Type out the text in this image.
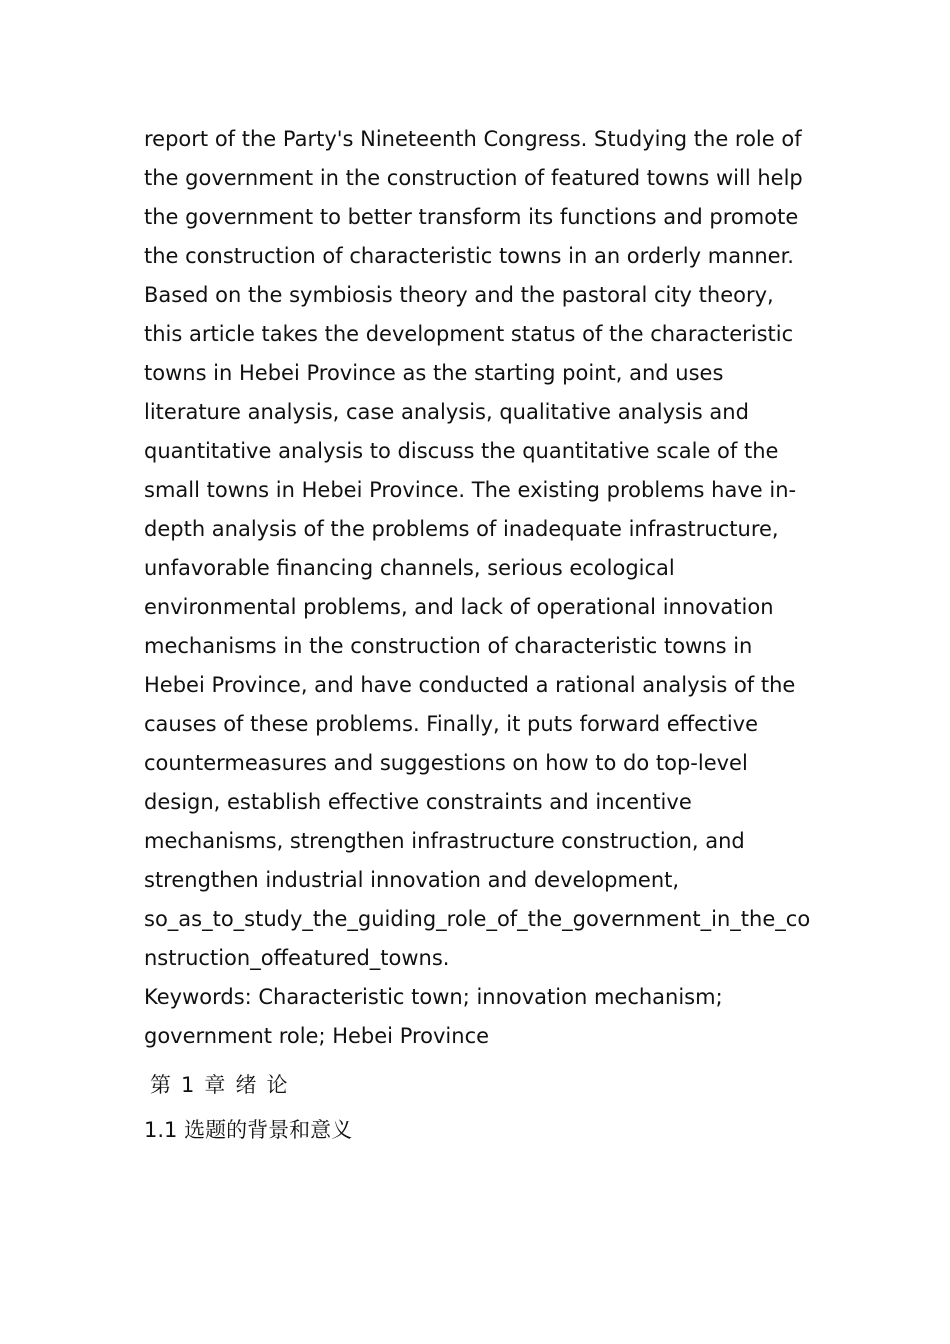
report of the Party's Nineteenth Congress. Studying the role of the government in the construction of featured towns will help the government to better transform its functions and promote the construction of characteristic towns in an orderly manner.

Based on the symbiosis theory and the pastoral city theory, this article takes the development status of the characteristic towns in Hebei Province as the starting point, and uses literature analysis, case analysis, qualitative analysis and quantitative analysis to discuss the quantitative scale of the small towns in Hebei Province. The existing problems have in-depth analysis of the problems of inadequate infrastructure, unfavorable financing channels, serious ecological environmental problems, and lack of operational innovation mechanisms in the construction of characteristic towns in Hebei Province, and have conducted a rational analysis of the causes of these problems. Finally, it puts forward effective countermeasures and suggestions on how to do top-level design, establish effective constraints and incentive mechanisms, strengthen infrastructure construction, and strengthen industrial innovation and development, so_as_to_study_the_guiding_role_of_the_government_in_the_construction_offeatured_towns.

Keywords: Characteristic town; innovation mechanism; government role; Hebei Province

第 1 章 绪 论
1.1 选题的背景和意义
